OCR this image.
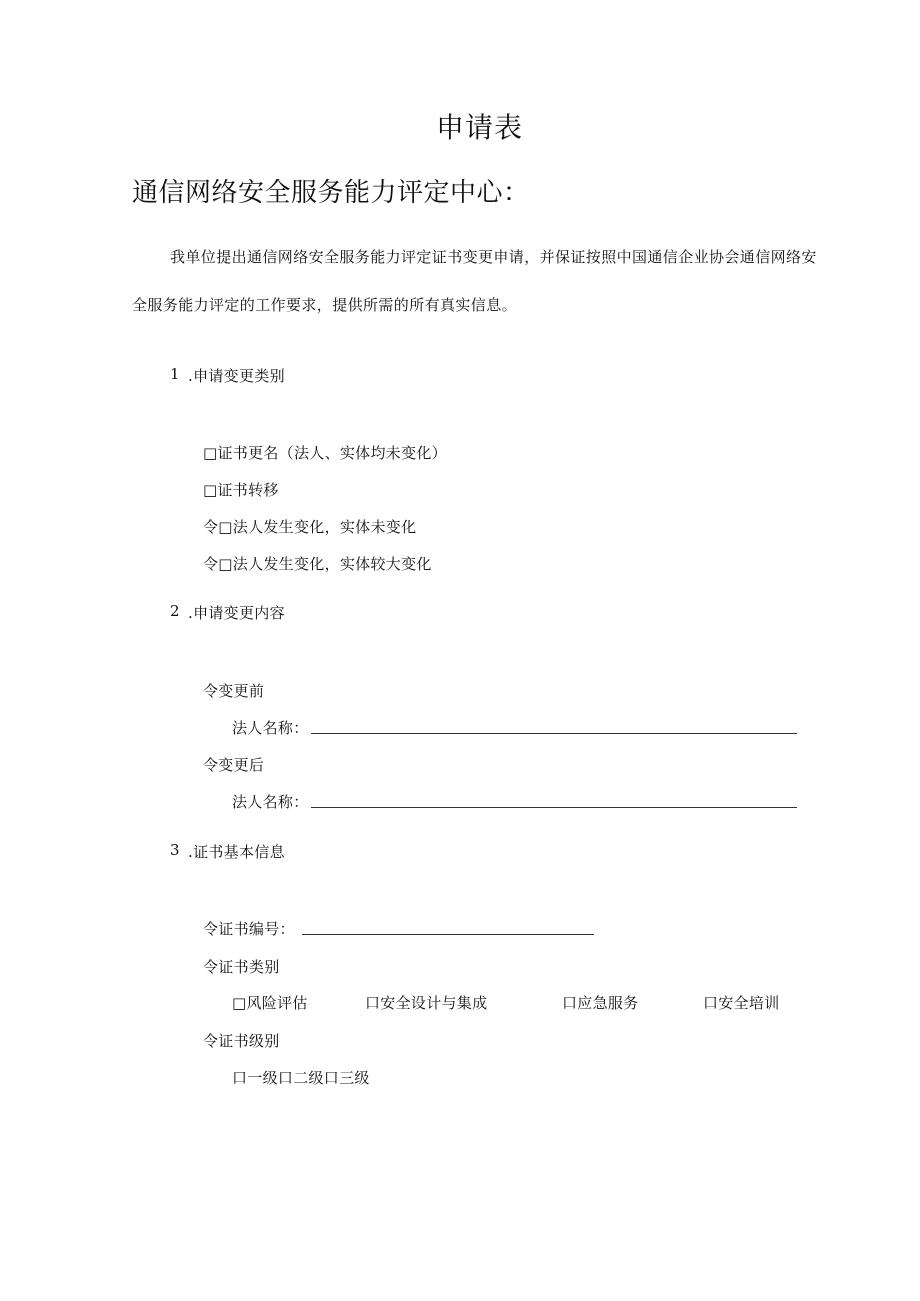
申请表
通信网络安全服务能力评定中心：
我单位提出通信网络安全服务能力评定证书变更申请，并保证按照中国通信企业协会通信网络安
全服务能力评定的工作要求，提供所需的所有真实信息。
1 .申请变更类别
□证书更名（法人、实体均未变化）
□证书转移
令□法人发生变化，实体未变化
令□法人发生变化，实体较大变化
2 .申请变更内容
令变更前
法人名称：
令变更后
法人名称：
3 .证书基本信息
令证书编号：
令证书类别
□风险评估	口安全设计与集成	口应急服务	口安全培训
令证书级别
口一级口二级口三级
